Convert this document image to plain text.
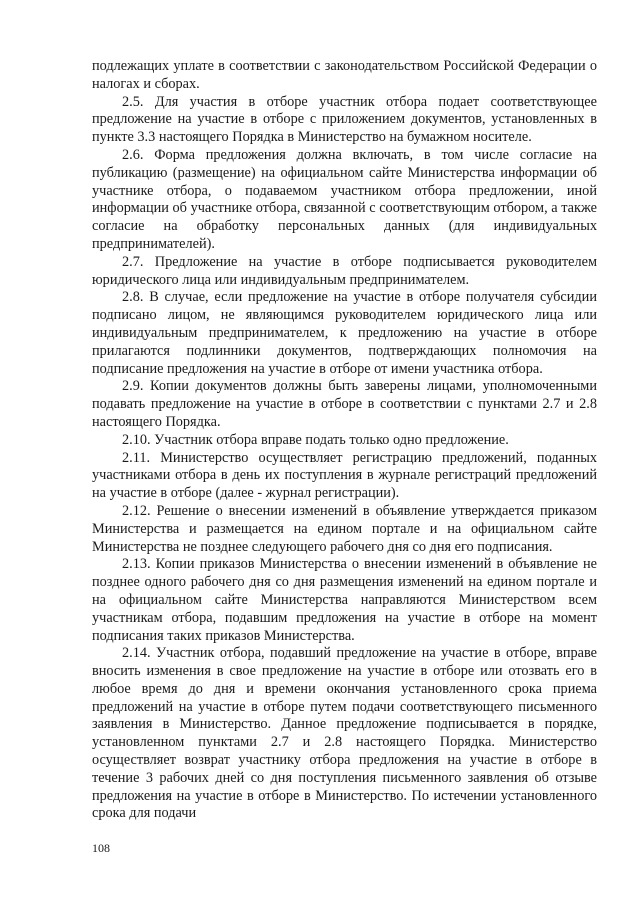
подлежащих уплате в соответствии с законодательством Российской Федерации о налогах и сборах.

2.5. Для участия в отборе участник отбора подает соответствующее предложение на участие в отборе с приложением документов, установленных в пункте 3.3 настоящего Порядка в Министерство на бумажном носителе.

2.6. Форма предложения должна включать, в том числе согласие на публикацию (размещение) на официальном сайте Министерства информации об участнике отбора, о подаваемом участником отбора предложении, иной информации об участнике отбора, связанной с соответствующим отбором, а также согласие на обработку персональных данных (для индивидуальных предпринимателей).

2.7. Предложение на участие в отборе подписывается руководителем юридического лица или индивидуальным предпринимателем.

2.8. В случае, если предложение на участие в отборе получателя субсидии подписано лицом, не являющимся руководителем юридического лица или индивидуальным предпринимателем, к предложению на участие в отборе прилагаются подлинники документов, подтверждающих полномочия на подписание предложения на участие в отборе от имени участника отбора.

2.9. Копии документов должны быть заверены лицами, уполномоченными подавать предложение на участие в отборе в соответствии с пунктами 2.7 и 2.8 настоящего Порядка.

2.10. Участник отбора вправе подать только одно предложение.

2.11. Министерство осуществляет регистрацию предложений, поданных участниками отбора в день их поступления в журнале регистраций предложений на участие в отборе (далее - журнал регистрации).

2.12. Решение о внесении изменений в объявление утверждается приказом Министерства и размещается на едином портале и на официальном сайте Министерства не позднее следующего рабочего дня со дня его подписания.

2.13. Копии приказов Министерства о внесении изменений в объявление не позднее одного рабочего дня со дня размещения изменений на едином портале и на официальном сайте Министерства направляются Министерством всем участникам отбора, подавшим предложения на участие в отборе на момент подписания таких приказов Министерства.

2.14. Участник отбора, подавший предложение на участие в отборе, вправе вносить изменения в свое предложение на участие в отборе или отозвать его в любое время до дня и времени окончания установленного срока приема предложений на участие в отборе путем подачи соответствующего письменного заявления в Министерство. Данное предложение подписывается в порядке, установленном пунктами 2.7 и 2.8 настоящего Порядка. Министерство осуществляет возврат участнику отбора предложения на участие в отборе в течение 3 рабочих дней со дня поступления письменного заявления об отзыве предложения на участие в отборе в Министерство. По истечении установленного срока для подачи

108
